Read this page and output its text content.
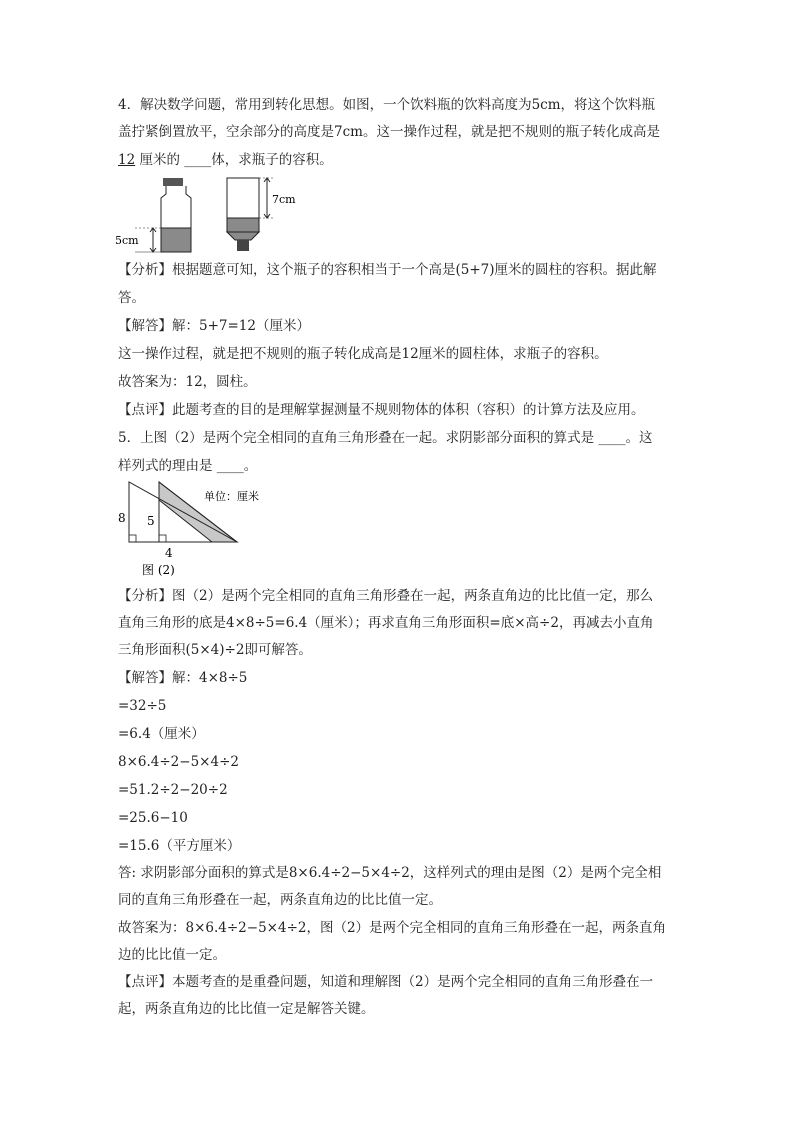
4．解决数学问题，常用到转化思想。如图，一个饮料瓶的饮料高度为5cm，将这个饮料瓶
盖拧紧倒置放平，空余部分的高度是7cm。这一操作过程，就是把不规则的瓶子转化成高是
12 厘米的 ____体，求瓶子的容积。
5cm
7cm
【分析】根据题意可知，这个瓶子的容积相当于一个高是(5+7)厘米的圆柱的容积。据此解
答。
【解答】解：5+7=12（厘米）
这一操作过程，就是把不规则的瓶子转化成高是12厘米的圆柱体，求瓶子的容积。
故答案为：12，圆柱。
【点评】此题考查的目的是理解掌握测量不规则物体的体积（容积）的计算方法及应用。
5．上图（2）是两个完全相同的直角三角形叠在一起。求阴影部分面积的算式是 ____。这
样列式的理由是 ____。
8 5
4
单位：厘米
图 (2)
【分析】图（2）是两个完全相同的直角三角形叠在一起，两条直角边的比比值一定，那么
直角三角形的底是4×8÷5=6.4（厘米）；再求直角三角形面积=底×高÷2，再减去小直角
三角形面积(5×4)÷2即可解答。
【解答】解：4×8÷5
=32÷5
=6.4（厘米）
8×6.4÷2−5×4÷2
=51.2÷2−20÷2
=25.6−10
=15.6（平方厘米）
答: 求阴影部分面积的算式是8×6.4÷2−5×4÷2，这样列式的理由是图（2）是两个完全相
同的直角三角形叠在一起，两条直角边的比比值一定。
故答案为：8×6.4÷2−5×4÷2，图（2）是两个完全相同的直角三角形叠在一起，两条直角
边的比比值一定。
【点评】本题考查的是重叠问题，知道和理解图（2）是两个完全相同的直角三角形叠在一
起，两条直角边的比比值一定是解答关键。
